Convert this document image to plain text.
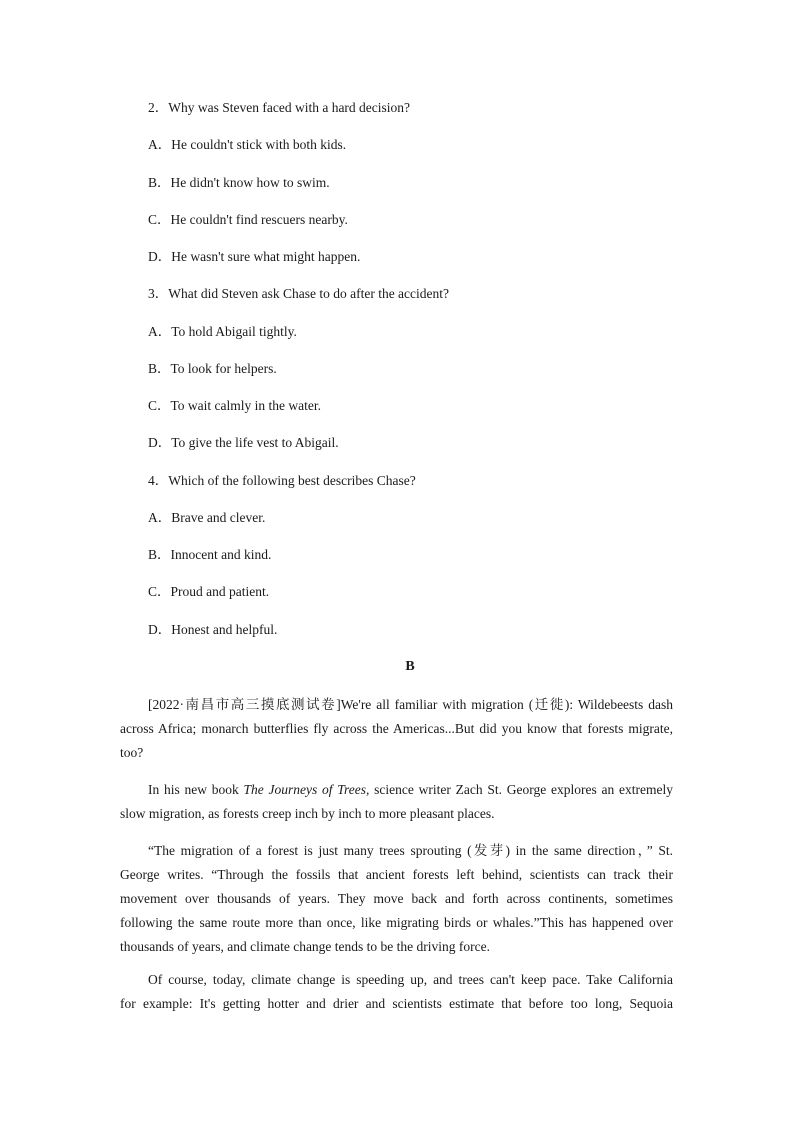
2．Why was Steven faced with a hard decision?
A．He couldn't stick with both kids.
B．He didn't know how to swim.
C．He couldn't find rescuers nearby.
D．He wasn't sure what might happen.
3．What did Steven ask Chase to do after the accident?
A．To hold Abigail tightly.
B．To look for helpers.
C．To wait calmly in the water.
D．To give the life vest to Abigail.
4．Which of the following best describes Chase?
A．Brave and clever.
B．Innocent and kind.
C．Proud and patient.
D．Honest and helpful.
B
[2022·南昌市高三摸底测试卷]We're all familiar with migration (迁徙): Wildebeests dash
across Africa; monarch butterflies fly across the Americas...But did you know that forests migrate,
too?
In his new book The Journeys of Trees, science writer Zach St. George explores an extremely
slow migration, as forests creep inch by inch to more pleasant places.
“The migration of a forest is just many trees sprouting (发芽) in the same direction，” St.
George writes. “Through the fossils that ancient forests left behind, scientists can track their
movement over thousands of years. They move back and forth across continents, sometimes
following the same route more than once, like migrating birds or whales.”This has happened over
thousands of years, and climate change tends to be the driving force.
Of course, today, climate change is speeding up, and trees can't keep pace. Take California
for example: It's getting hotter and drier and scientists estimate that before too long, Sequoia
